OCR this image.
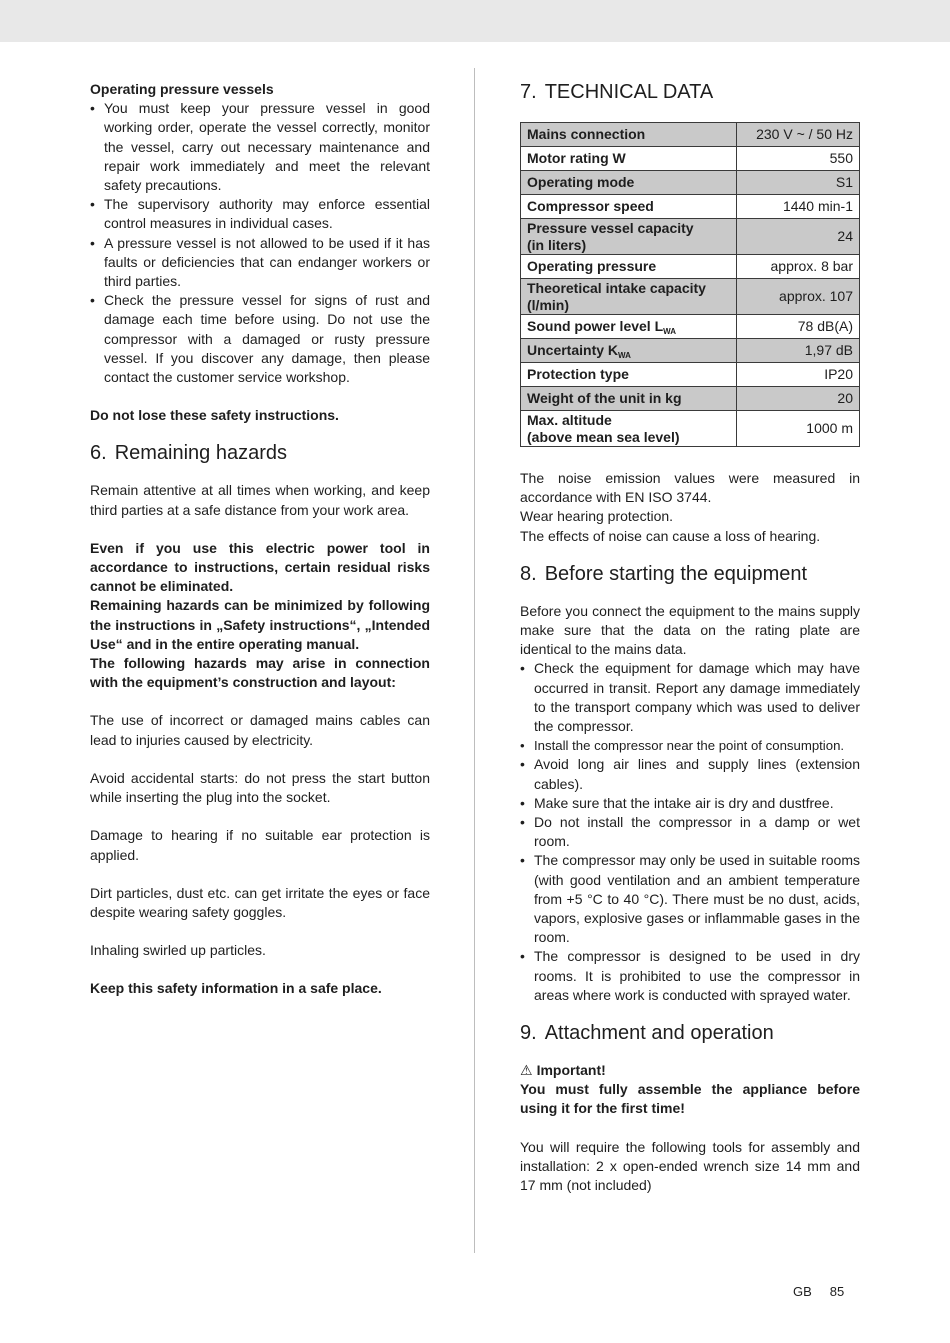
Operating pressure vessels

• You must keep your pressure vessel in good working order, operate the vessel correctly, monitor the vessel, carry out necessary maintenance and repair work immediately and meet the relevant safety precautions.
• The supervisory authority may enforce essential control measures in individual cases.
• A pressure vessel is not allowed to be used if it has faults or deficiencies that can endanger workers or third parties.
• Check the pressure vessel for signs of rust and damage each time before using. Do not use the compressor with a damaged or rusty pressure vessel. If you discover any damage, then please contact the customer service workshop.

Do not lose these safety instructions.

6. Remaining hazards

Remain attentive at all times when working, and keep third parties at a safe distance from your work area.

Even if you use this electric power tool in accordance to instructions, certain residual risks cannot be eliminated.

Remaining hazards can be minimized by following the instructions in „Safety instructions“, „Intended Use“ and in the entire operating manual.

The following hazards may arise in connection with the equipment’s construction and layout:

The use of incorrect or damaged mains cables can lead to injuries caused by electricity.

Avoid accidental starts: do not press the start button while inserting the plug into the socket.

Damage to hearing if no suitable ear protection is applied.

Dirt particles, dust etc. can get irritate the eyes or face despite wearing safety goggles.

Inhaling swirled up particles.

Keep this safety information in a safe place.

7. TECHNICAL DATA
Mains connection	230 V ~ / 50 Hz
Motor rating W	550
Operating mode	S1
Compressor speed	1440 min-1
Pressure vessel capacity
(in liters)	24
Operating pressure	approx. 8 bar
Theoretical intake capacity
(l/min)	approx. 107
Sound power level $L_{WA}$	78 dB(A)
Uncertainty $K_{WA}$	1,97 dB
Protection type	IP20
Weight of the unit in kg	20
Max. altitude
(above mean sea level)	1000 m

The noise emission values were measured in accordance with EN ISO 3744.

Wear hearing protection.

The effects of noise can cause a loss of hearing.

8. Before starting the equipment

Before you connect the equipment to the mains supply make sure that the data on the rating plate are identical to the mains data.

• Check the equipment for damage which may have occurred in transit. Report any damage immediately to the transport company which was used to deliver the compressor.
• Install the compressor near the point of consumption.
• Avoid long air lines and supply lines (extension cables).
• Make sure that the intake air is dry and dustfree.
• Do not install the compressor in a damp or wet room.
• The compressor may only be used in suitable rooms (with good ventilation and an ambient temperature from +5 °C to 40 °C). There must be no dust, acids, vapors, explosive gases or inflammable gases in the room.
• The compressor is designed to be used in dry rooms. It is prohibited to use the compressor in areas where work is conducted with sprayed water.
9. Attachment and operation

⚠ Important!

You must fully assemble the appliance before using it for the first time!

You will require the following tools for assembly and installation: 2 x open-ended wrench size 14 mm and 17 mm (not included)

GB 85
